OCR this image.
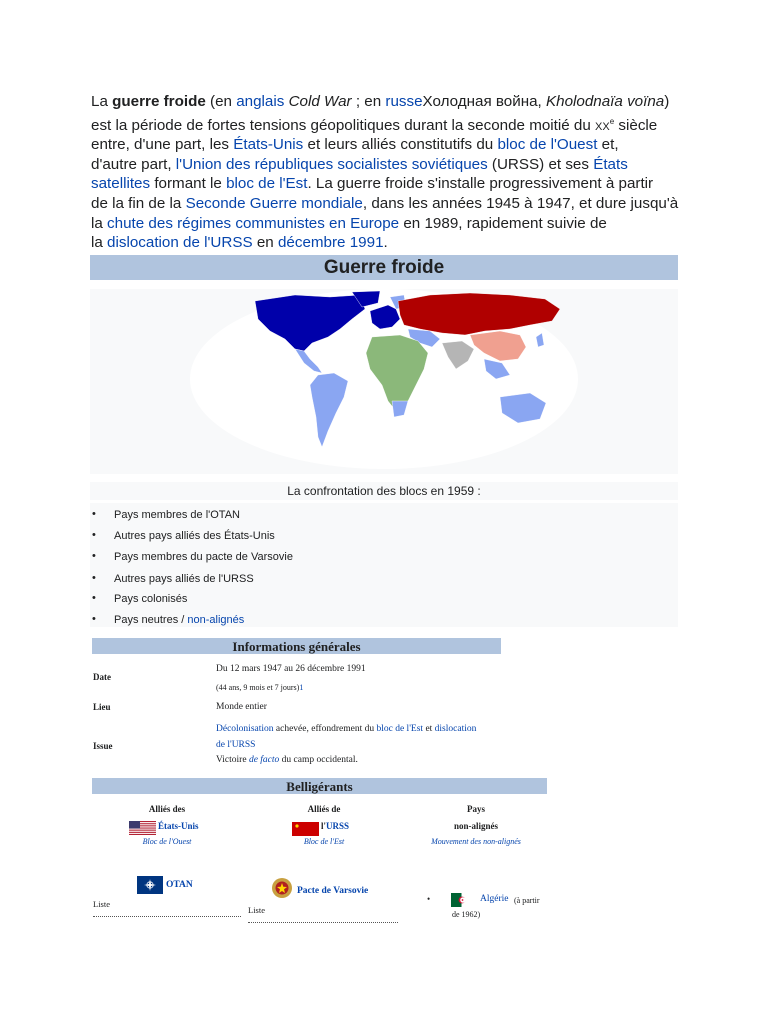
La guerre froide (en anglais Cold War ; en russeХолодная война, Kholodnaïa voïna)
est la période de fortes tensions géopolitiques durant la seconde moitié du $xx^e$ siècle
entre, d'une part, les États-Unis et leurs alliés constitutifs du bloc de l'Ouest et,
d'autre part, l'Union des républiques socialistes soviétiques (URSS) et ses États
satellites formant le bloc de l'Est. La guerre froide s'installe progressivement à partir
de la fin de la Seconde Guerre mondiale, dans les années 1945 à 1947, et dure jusqu'à
la chute des régimes communistes en Europe en 1989, rapidement suivie de
la dislocation de l'URSS en décembre 1991.
Guerre froide
La confrontation des blocs en 1959 :
• Pays membres de l'OTAN
• Autres pays alliés des États-Unis
• Pays membres du pacte de Varsovie
• Autres pays alliés de l'URSS
• Pays colonisés
• Pays neutres / non-alignés
Informations générales
Date
Du 12 mars 1947 au 26 décembre 1991
(44 ans, 9 mois et 7 jours)1
Lieu	Monde entier
Issue
Décolonisation achevée, effondrement du bloc de l'Est et dislocation
de l'URSS
Victoire de facto du camp occidental.
Belligérants
Alliés des
États-Unis
Bloc de l'Ouest
Alliés de
l'URSS
Bloc de l'Est
Pays
non-alignés
Mouvement des non-alignés
OTAN
Liste
Pacte de Varsovie
Liste
•	Algérie (à partir
de 1962)
